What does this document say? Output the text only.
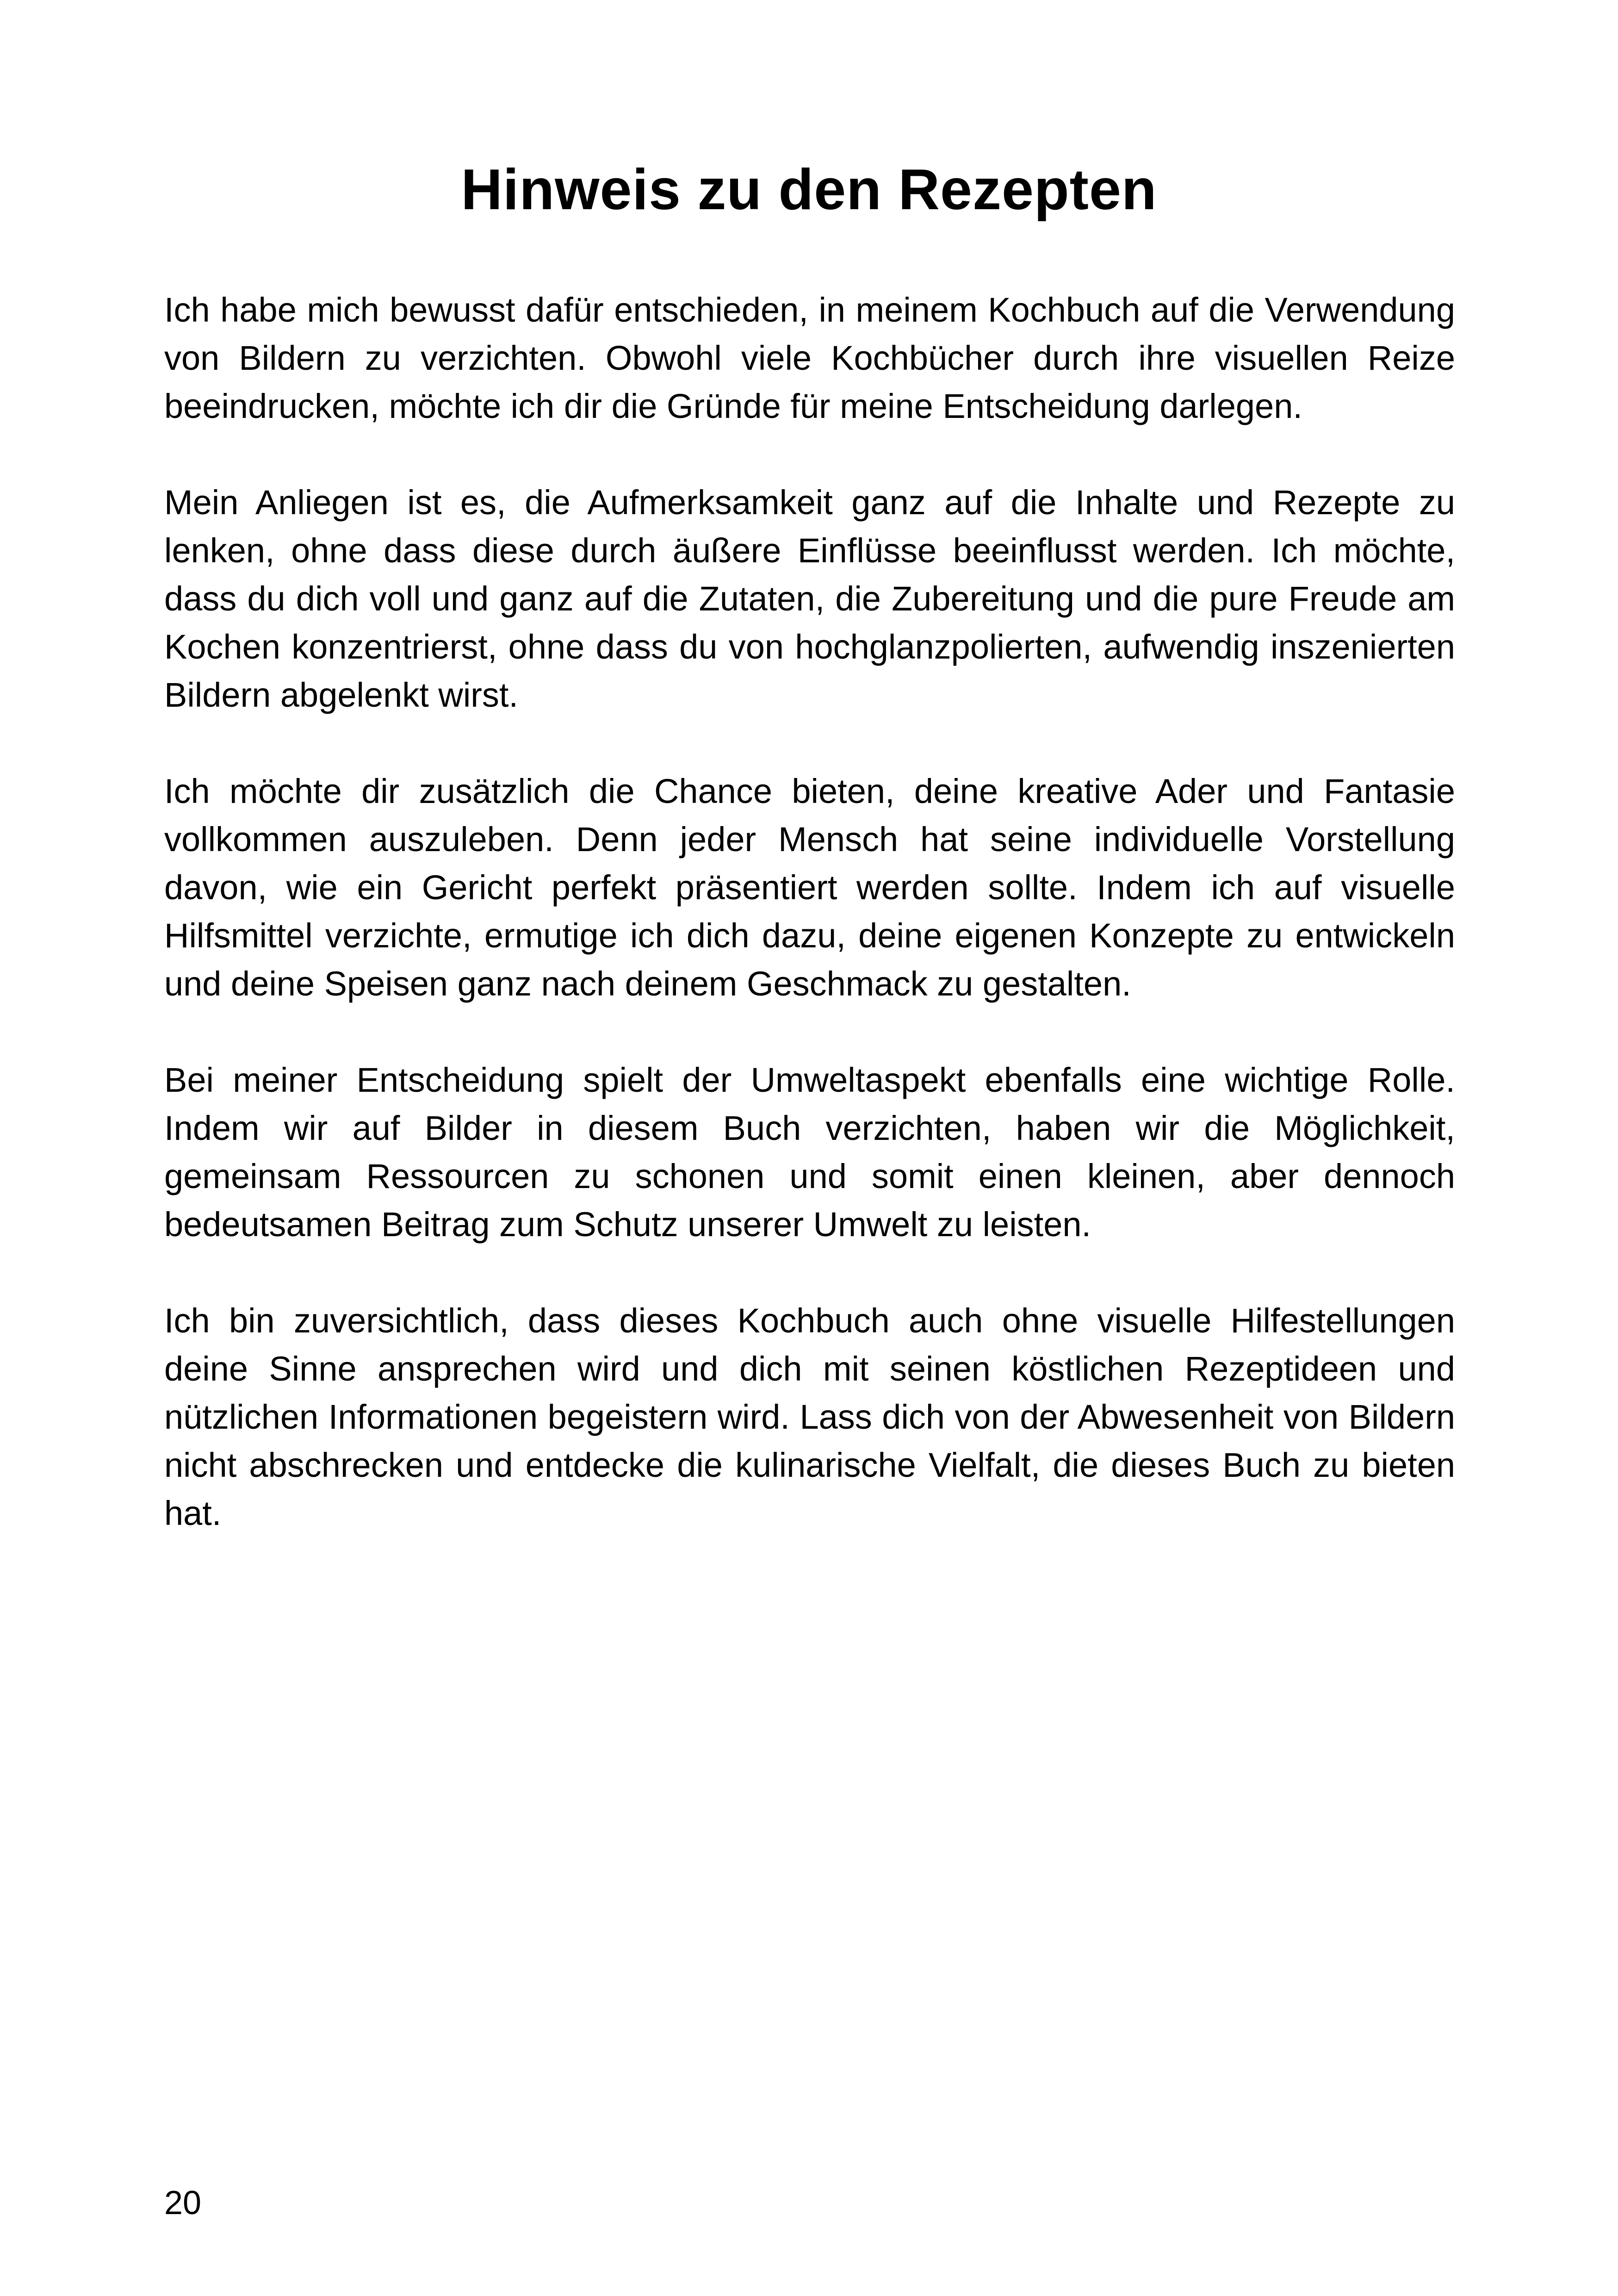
Hinweis zu den Rezepten

Ich habe mich bewusst dafür entschieden, in meinem Kochbuch auf die Verwendung von Bildern zu verzichten. Obwohl viele Kochbücher durch ihre visuellen Reize beeindrucken, möchte ich dir die Gründe für meine Entscheidung darlegen.

Mein Anliegen ist es, die Aufmerksamkeit ganz auf die Inhalte und Rezepte zu lenken, ohne dass diese durch äußere Einflüsse beeinflusst werden. Ich möchte, dass du dich voll und ganz auf die Zutaten, die Zubereitung und die pure Freude am Kochen konzentrierst, ohne dass du von hochglanzpolierten, aufwendig inszenierten Bildern abgelenkt wirst.

Ich möchte dir zusätzlich die Chance bieten, deine kreative Ader und Fantasie vollkommen auszuleben. Denn jeder Mensch hat seine individuelle Vorstellung davon, wie ein Gericht perfekt präsentiert werden sollte. Indem ich auf visuelle Hilfsmittel verzichte, ermutige ich dich dazu, deine eigenen Konzepte zu entwickeln und deine Speisen ganz nach deinem Geschmack zu gestalten.

Bei meiner Entscheidung spielt der Umweltaspekt ebenfalls eine wichtige Rolle. Indem wir auf Bilder in diesem Buch verzichten, haben wir die Möglichkeit, gemeinsam Ressourcen zu schonen und somit einen kleinen, aber dennoch bedeutsamen Beitrag zum Schutz unserer Umwelt zu leisten.

Ich bin zuversichtlich, dass dieses Kochbuch auch ohne visuelle Hilfestellungen deine Sinne ansprechen wird und dich mit seinen köstlichen Rezeptideen und nützlichen Informationen begeistern wird. Lass dich von der Abwesenheit von Bildern nicht abschrecken und entdecke die kulinarische Vielfalt, die dieses Buch zu bieten hat.

20
